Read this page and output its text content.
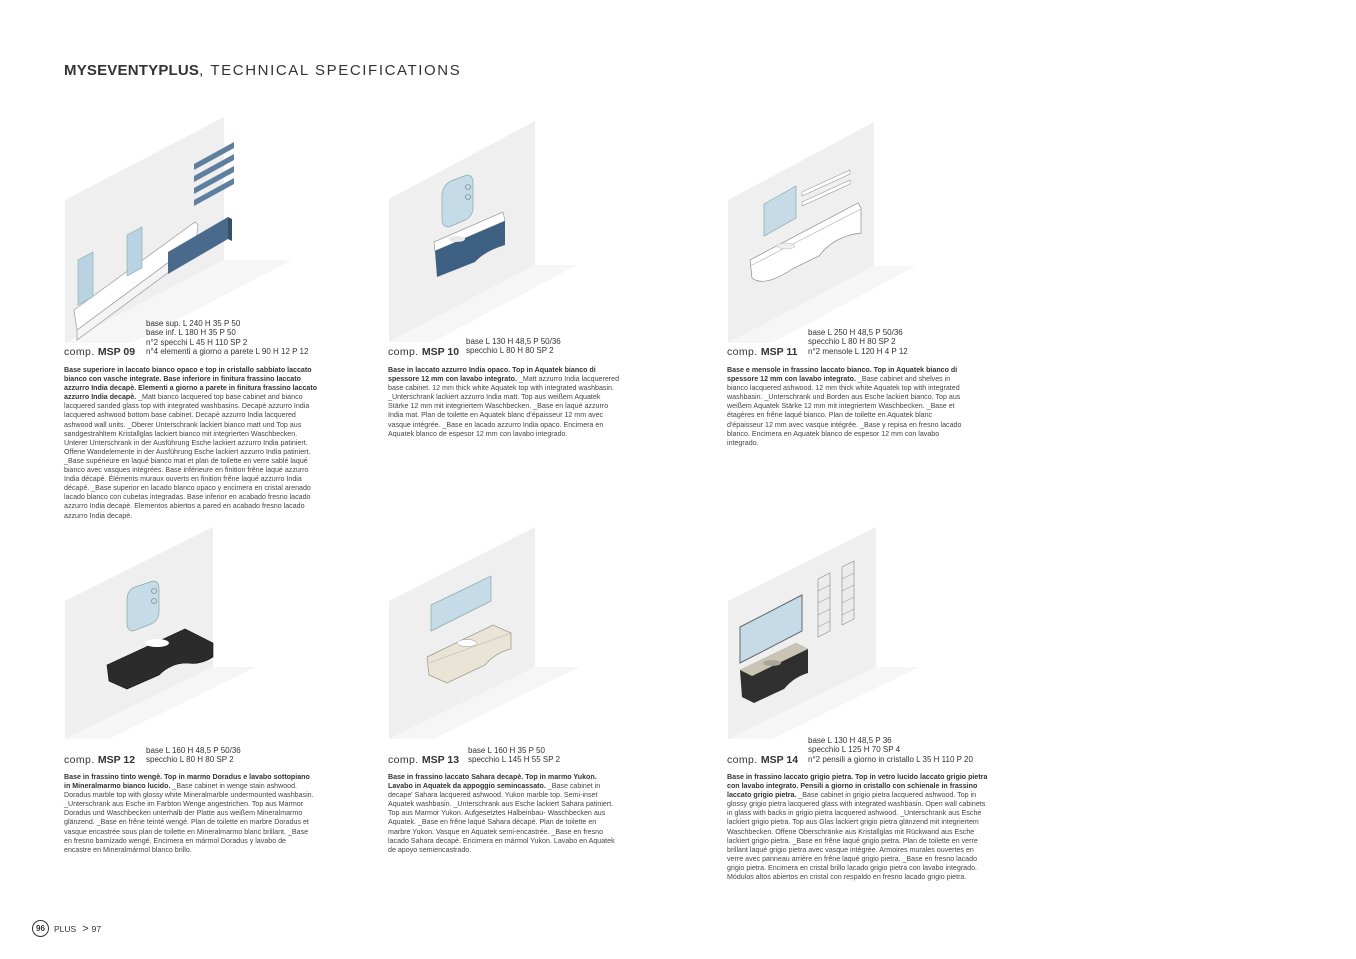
MYSEVENTYPLUS, TECHNICAL SPECIFICATIONS
comp. MSP 09
base sup. L 240 H 35 P 50
base inf. L 180 H 35 P 50
n°2 specchi L 45 H 110 SP 2
n°4 elementi a giorno a parete L 90 H 12 P 12
Base superiore in laccato bianco opaco e top in cristallo sabbiato laccato bianco con vasche integrate. Base inferiore in finitura frassino laccato azzurro India decapè. Elementi a giorno a parete in finitura frassino laccato azzurro India decapè. _Matt bianco lacquered top base cabinet and bianco lacquered sanded glass top with integrated washbasins. Decapè azzurro India lacquered ashwood bottom base cabinet. Decapè azzurro India lacquered ashwood wall units. _Oberer Unterschrank lackiert bianco matt und Top aus sandgestrahltem Kristallglas lackiert bianco mit integrierten Waschbecken. Unterer Unterschrank in der Ausführung Esche lackiert azzurro India patiniert. Offene Wandelemente in der Ausführung Esche lackiert azzurro India patiniert. _Base supérieure en laqué bianco mat et plan de toilette en verre sablé laqué bianco avec vasques intégrées. Base inférieure en finition frêne laqué azzurro India décapé. Éléments muraux ouverts en finition frêne laqué azzurro India décapé. _Base superior en lacado blanco opaco y encimera en cristal arenado lacado blanco con cubetas integradas. Base inferior en acabado fresno lacado azzurro India decapè. Elementos abiertos a pared en acabado fresno lacado azzurro India decapè.
comp. MSP 10
base L 130 H 48,5 P 50/36
specchio L 80 H 80 SP 2
Base in laccato azzurro India opaco. Top in Aquatek bianco di spessore 12 mm con lavabo integrato. _Matt azzurro India lacquerered base cabinet. 12 mm thick white Aquatek top with integrated washbasin. _Unterschrank lackiert azzurro India matt. Top aus weißem Aquatek Stärke 12 mm mit integriertem Waschbecken. _Base en laqué azzurro India mat. Plan de toilette en Aquatek blanc d'épaisseur 12 mm avec vasque intégrée. _Base en lacado azzurro India opaco. Encimera en Aquatek blanco de espesor 12 mm con lavabo integrado.
comp. MSP 11
base L 250 H 48,5 P 50/36
specchio L 80 H 80 SP 2
n°2 mensole L 120 H 4 P 12
Base e mensole in frassino laccato bianco. Top in Aquatek bianco di spessore 12 mm con lavabo integrato. _Base cabinet and shelves in bianco lacquered ashwood. 12 mm thick white Aquatek top with integrated washbasin. _Unterschrank und Borden aus Esche lackiert bianco. Top aus weißem Aquatek Stärke 12 mm mit integriertem Waschbecken. _Base et étagères en frêne laqué bianco. Plan de toilette en Aquatek blanc d'épaisseur 12 mm avec vasque intégrée. _Base y repisa en fresno lacado blanco. Encimera en Aquatek blanco de espesor 12 mm con lavabo integrado.
comp. MSP 12
base L 160 H 48,5 P 50/36
specchio L 80 H 80 SP 2
Base in frassino tinto wengè. Top in marmo Doradus e lavabo sottopiano in Mineralmarmo bianco lucido. _Base cabinet in wenge stain ashwood. Doradus marble top with glossy white Mineralmarble undermounted washbasin. _Unterschrank aus Esche im Farbton Wenge angestrichen. Top aus Marmor Doradus und Waschbecken unterhalb der Platte aus weißem Mineralmarmo glänzend. _Base en frêne teinté wengé. Plan de toilette en marbre Doradus et vasque encastrée sous plan de toilette en Mineralmarmo blanc brillant. _Base en fresno barnizado wengé. Encimera en mármol Doradus y lavabo de encastre en Mineralmármol blanco brillo.
comp. MSP 13
base L 160 H 35 P 50
specchio L 145 H 55 SP 2
Base in frassino laccato Sahara decapè. Top in marmo Yukon. Lavabo in Aquatek da appoggio semincassato. _Base cabinet in decape' Sahara lacquered ashwood. Yukon marble top. Semi-inset Aquatek washbasin. _Unterschrank aus Esche lackiert Sahara patiniert. Top aus Marmor Yukon. Aufgesetztes Halbeinbau- Waschbecken aus Aquatek. _Base en frêne laqué Sahara décapé. Plan de toilette en marbre Yukon. Vasque en Aquatek semi-encastrée. _Base en fresno lacado Sahara decapè. Encimera en mármol Yukon. Lavabo en Aquatek de apoyo semiencastrado.
comp. MSP 14
base L 130 H 48,5 P 36
specchio L 125 H 70 SP 4
n°2 pensili a giorno in cristallo L 35 H 110 P 20
Base in frassino laccato grigio pietra. Top in vetro lucido laccato grigio pietra con lavabo integrato. Pensili a giorno in cristallo con schienale in frassino laccato grigio pietra. _Base cabinet in grigio pietra lacquered ashwood. Top in glossy grigio pietra lacquered glass with integrated washbasin. Open wall cabinets in glass with backs in grigio pietra lacquered ashwood. _Unterschrank aus Esche lackiert grigio pietra. Top aus Glas lackiert grigio pietra glänzend mit integriertem Waschbecken. Offene Oberschränke aus Kristallglas mit Rückwand aus Esche lackiert grigio pietra. _Base en frêne laqué grigio pietra. Plan de toilette en verre brillant laqué grigio pietra avec vasque intégrée. Armoires murales ouvertes en verre avec panneau arrière en frêne laqué grigio pietra. _Base en fresno lacado grigio pietra. Encimera en cristal brillo lacado grigio pietra con lavabo integrado. Módulos altos abiertos en cristal con respaldo en fresno lacado grigio pietra.
96	PLUS > 97
